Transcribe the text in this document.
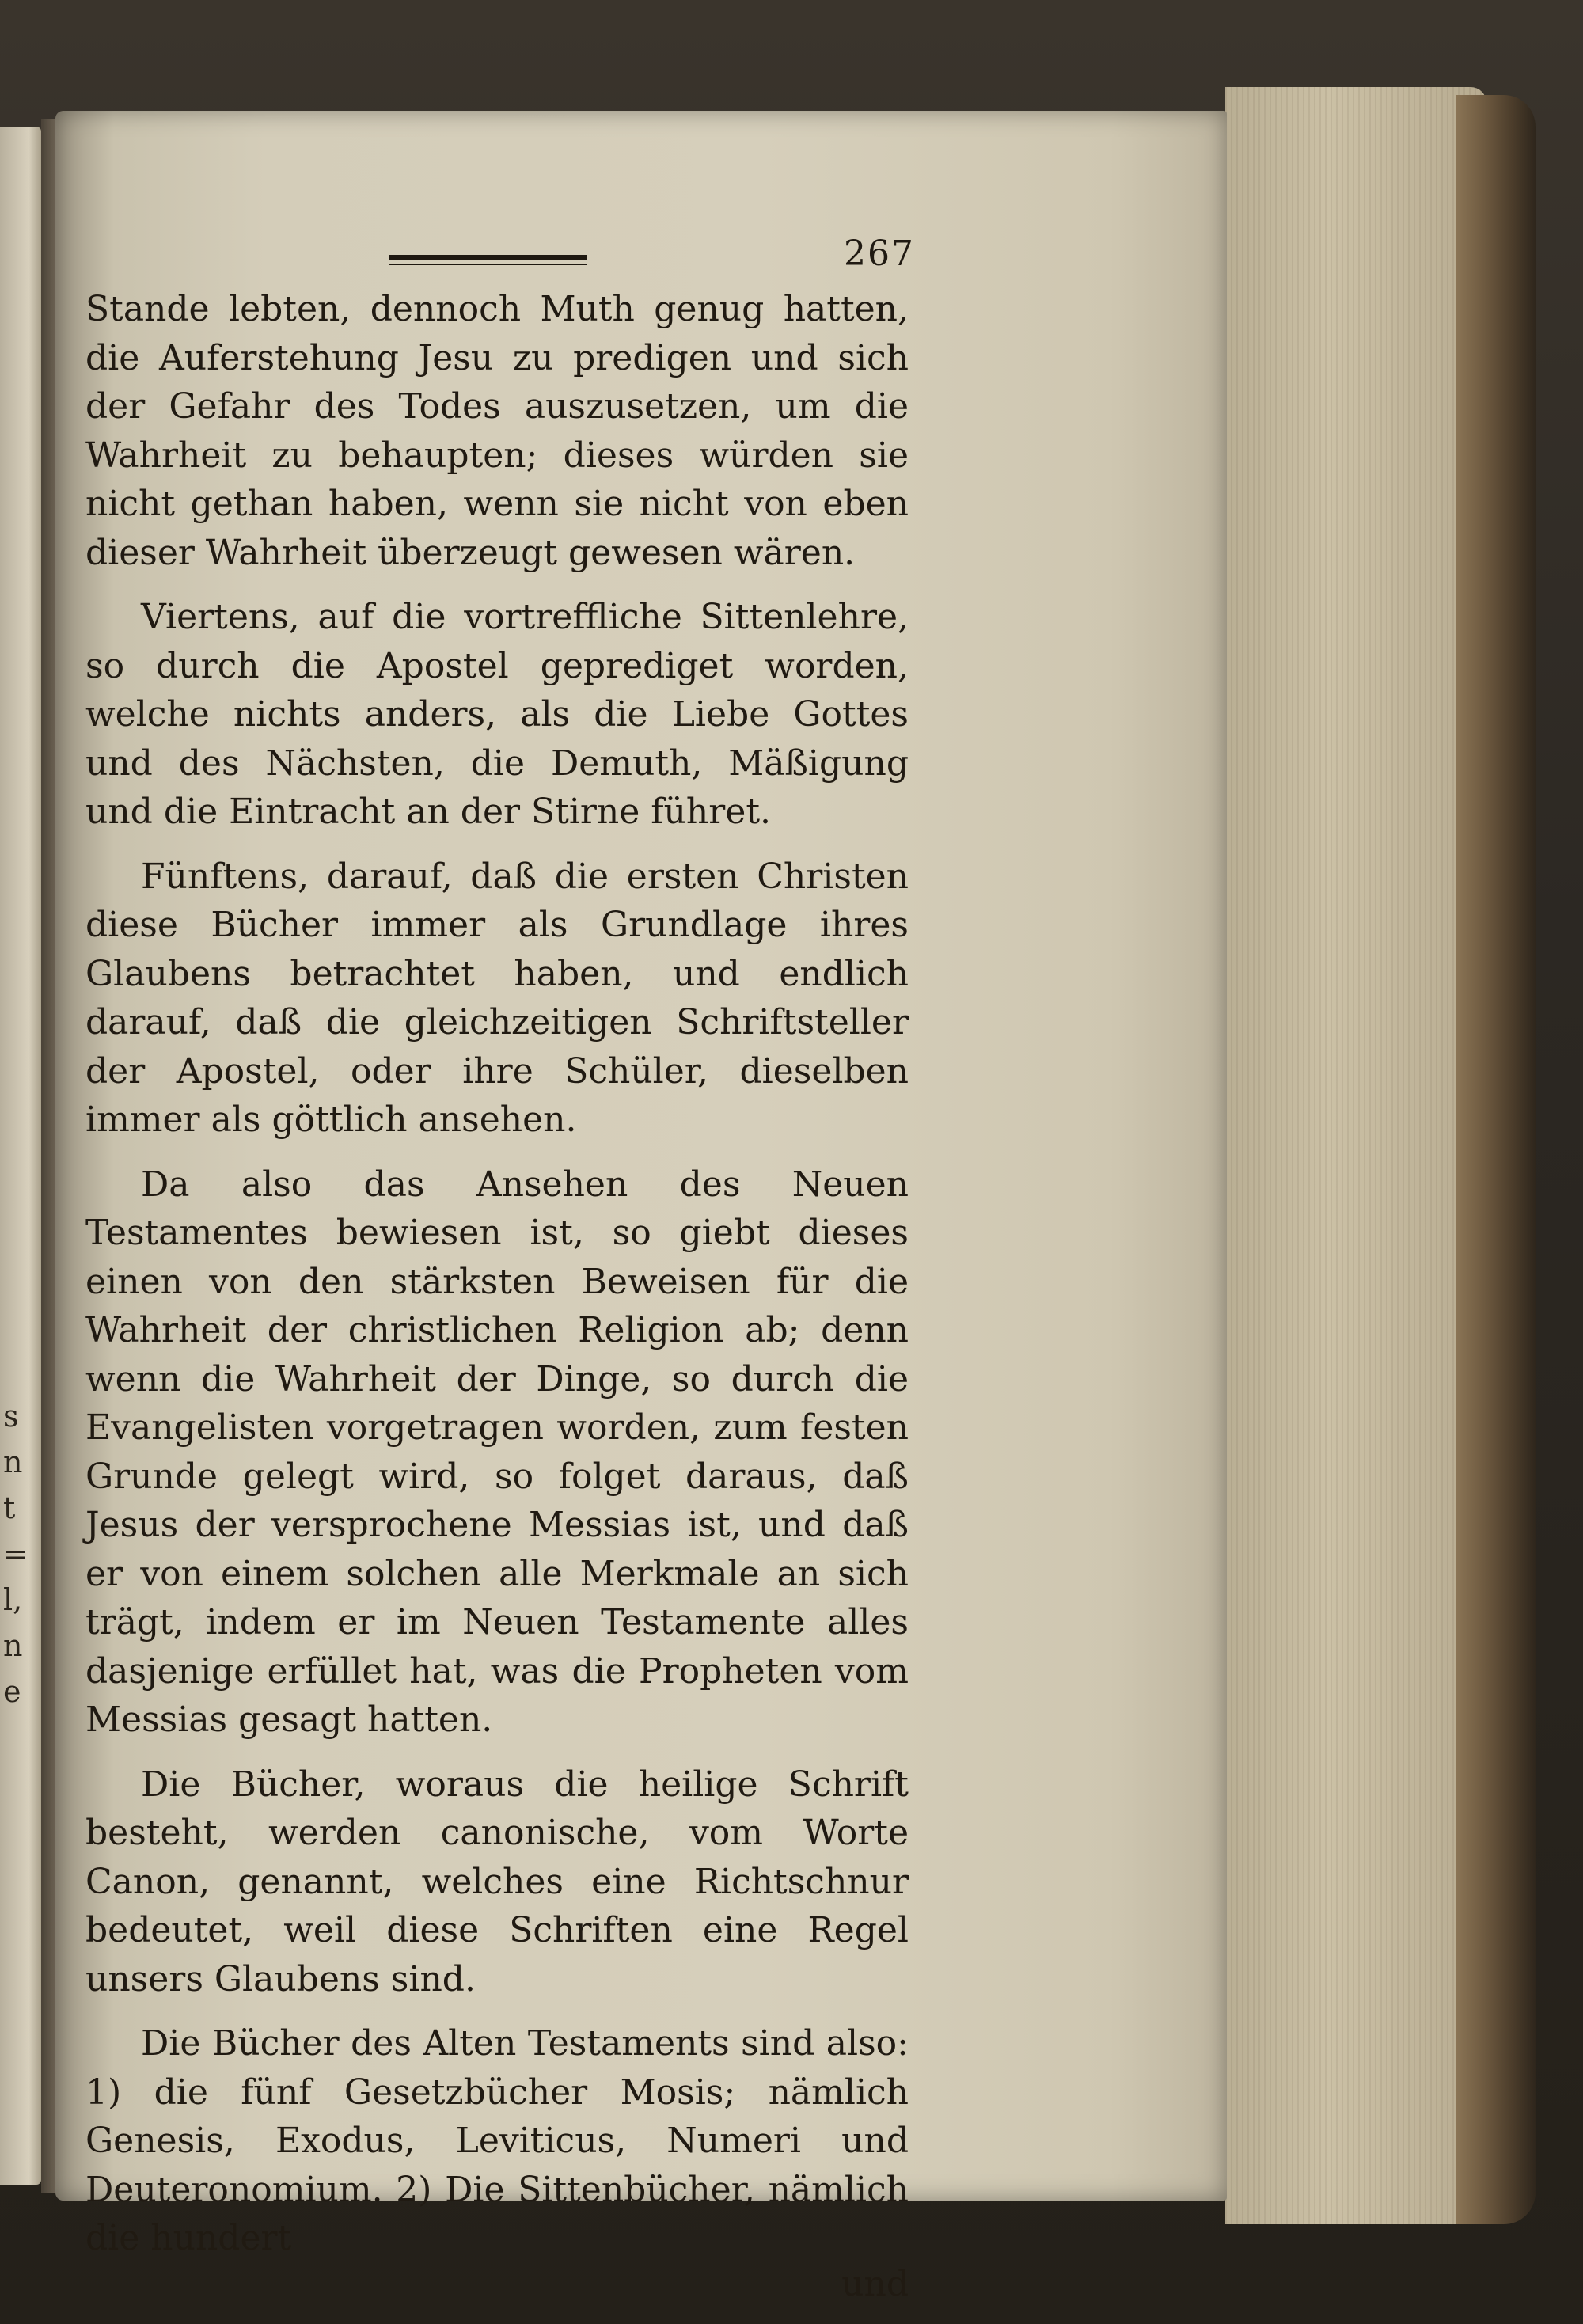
s
n
t
=
l,
n
e
267

Stande lebten, dennoch Muth genug hatten, die Auferstehung Jesu zu predigen und sich der Gefahr des Todes auszusetzen, um die Wahrheit zu behaupten; dieses würden sie nicht gethan haben, wenn sie nicht von eben dieser Wahrheit überzeugt gewesen wären.

Viertens, auf die vortreffliche Sittenlehre, so durch die Apostel geprediget worden, welche nichts anders, als die Liebe Gottes und des Nächsten, die Demuth, Mäßigung und die Eintracht an der Stirne führet.

Fünftens, darauf, daß die ersten Christen diese Bücher immer als Grundlage ihres Glaubens betrachtet haben, und endlich darauf, daß die gleichzeitigen Schriftsteller der Apostel, oder ihre Schüler, dieselben immer als göttlich ansehen.

Da also das Ansehen des Neuen Testamentes bewiesen ist, so giebt dieses einen von den stärksten Beweisen für die Wahrheit der christlichen Religion ab; denn wenn die Wahrheit der Dinge, so durch die Evangelisten vorgetragen worden, zum festen Grunde gelegt wird, so folget daraus, daß Jesus der versprochene Messias ist, und daß er von einem solchen alle Merkmale an sich trägt, indem er im Neuen Testamente alles dasjenige erfüllet hat, was die Propheten vom Messias gesagt hatten.

Die Bücher, woraus die heilige Schrift besteht, werden canonische, vom Worte Canon, genannt, welches eine Richtschnur bedeutet, weil diese Schriften eine Regel unsers Glaubens sind.

Die Bücher des Alten Testaments sind also: 1) die fünf Gesetzbücher Mosis; nämlich Genesis, Exodus, Leviticus, Numeri und Deuteronomium. 2) Die Sittenbücher, nämlich die hundert

und
